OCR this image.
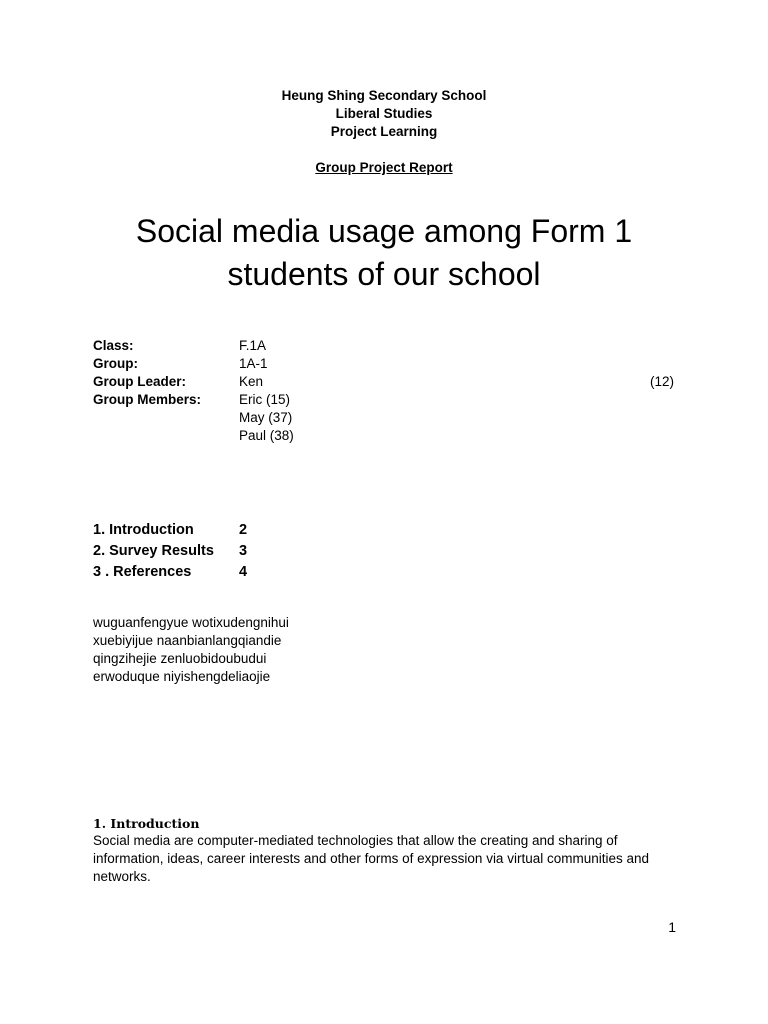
Heung Shing Secondary School
Liberal Studies
Project Learning
Group Project Report
Social media usage among Form 1
students of our school
Class:	F.1A
Group:	1A-1
Group Leader:	Ken	(12)
Group Members:	Eric (15)
May (37)
Paul (38)
1. Introduction	2
2. Survey Results 3
3 . References	4
wuguanfengyue wotixudengnihui
xuebiyijue naanbianlangqiandie
qingzihejie zenluobidoubudui
erwoduque niyishengdeliaojie
1. Introduction
Social media are computer-mediated technologies that allow the creating and sharing of information, ideas, career interests and other forms of expression via virtual communities and networks.
1
